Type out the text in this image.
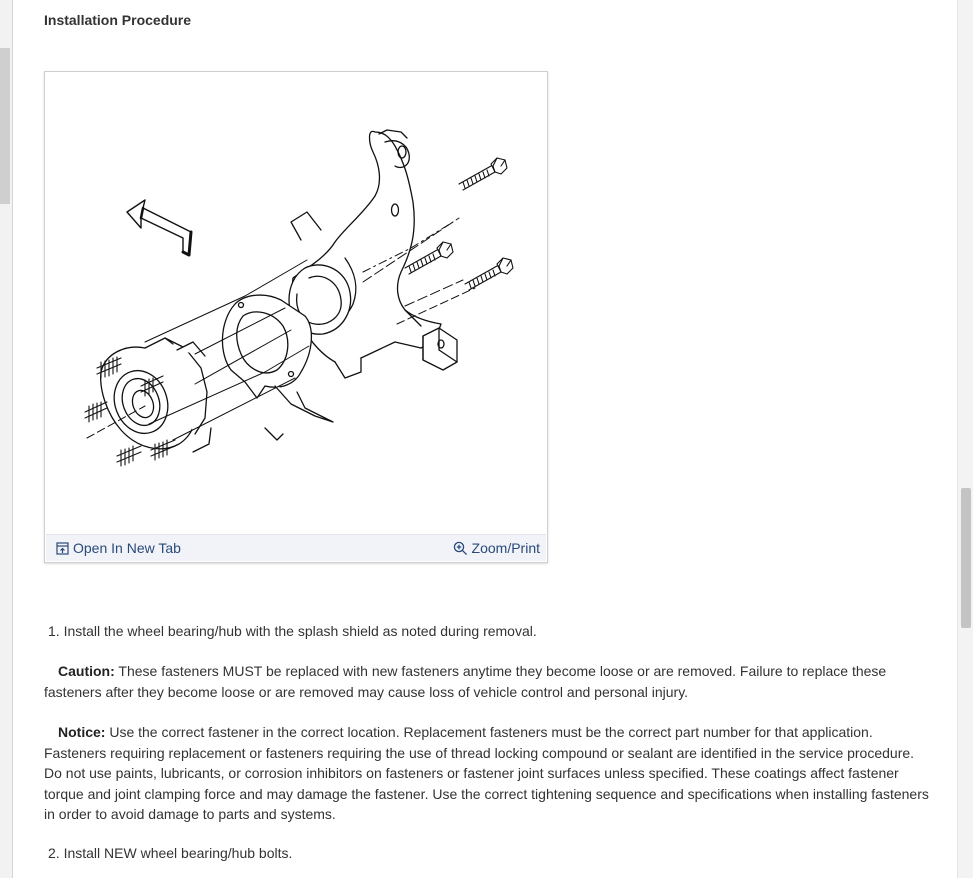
Installation Procedure
Open In New Tab	Zoom/Print
1. Install the wheel bearing/hub with the splash shield as noted during removal.
Caution: These fasteners MUST be replaced with new fasteners anytime they become loose or are removed. Failure to replace these fasteners after they become loose or are removed may cause loss of vehicle control and personal injury.
Notice: Use the correct fastener in the correct location. Replacement fasteners must be the correct part number for that application. Fasteners requiring replacement or fasteners requiring the use of thread locking compound or sealant are identified in the service procedure. Do not use paints, lubricants, or corrosion inhibitors on fasteners or fastener joint surfaces unless specified. These coatings affect fastener torque and joint clamping force and may damage the fastener. Use the correct tightening sequence and specifications when installing fasteners in order to avoid damage to parts and systems.
2. Install NEW wheel bearing/hub bolts.
